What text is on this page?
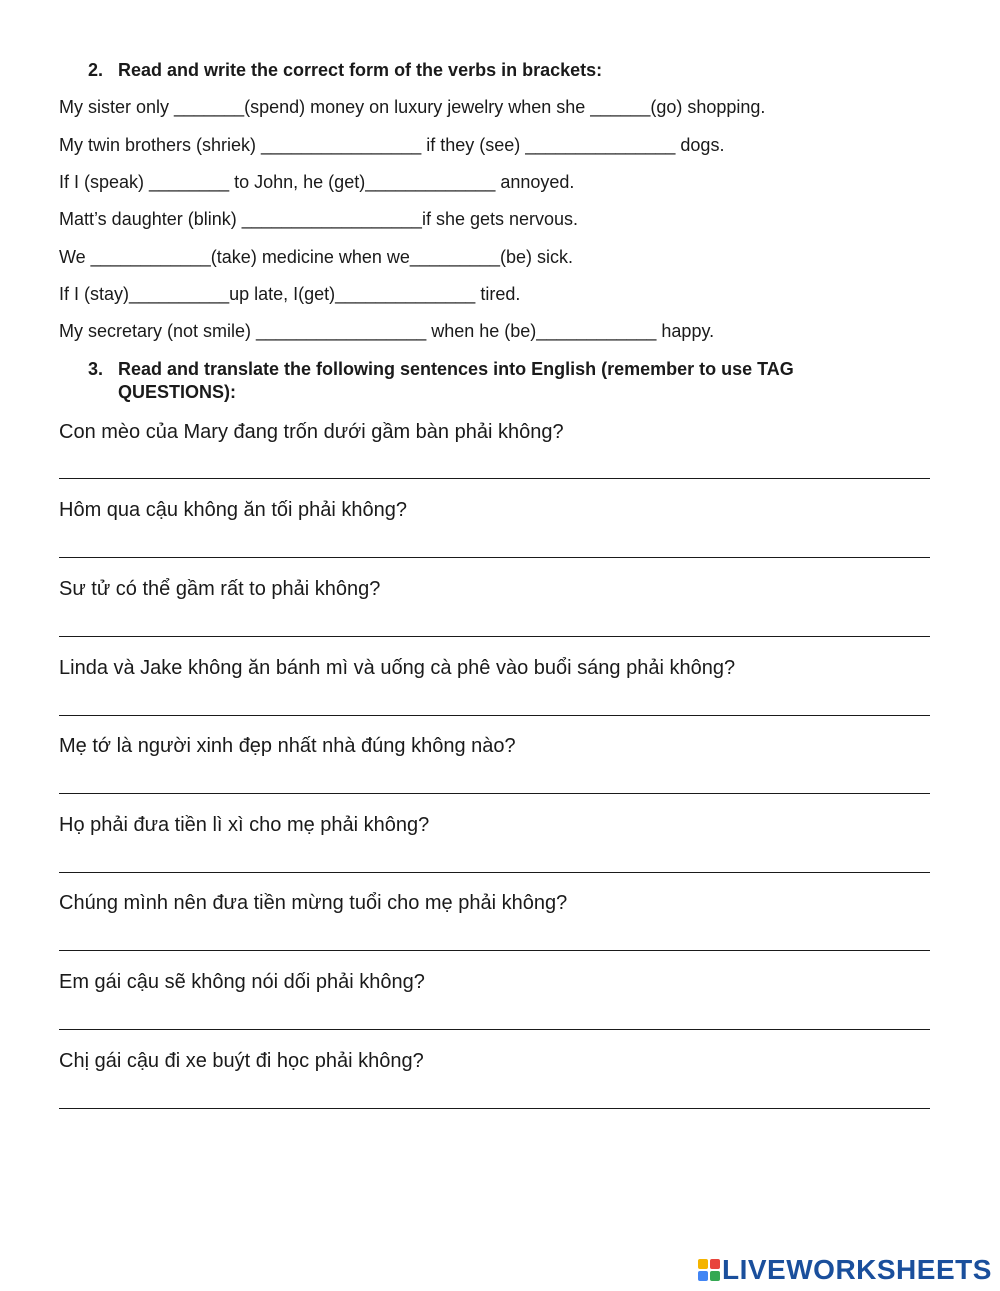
2. Read and write the correct form of the verbs in brackets:
My sister only _______(spend) money on luxury jewelry when she ______(go) shopping.
My twin brothers (shriek) ________________ if they (see) _______________ dogs.
If I (speak) ________ to John, he (get)_____________ annoyed.
Matt’s daughter (blink) __________________if she gets nervous.
We ____________(take) medicine when we_________(be) sick.
If I (stay)__________up late, I(get)______________ tired.
My secretary (not smile) _________________ when he (be)____________ happy.
3. Read and translate the following sentences into English (remember to use TAG
QUESTIONS):
Con mèo của Mary đang trốn dưới gầm bàn phải không?
Hôm qua cậu không ăn tối phải không?
Sư tử có thể gầm rất to phải không?
Linda và Jake không ăn bánh mì và uống cà phê vào buổi sáng phải không?
Mẹ tớ là người xinh đẹp nhất nhà đúng không nào?
Họ phải đưa tiền lì xì cho mẹ phải không?
Chúng mình nên đưa tiền mừng tuổi cho mẹ phải không?
Em gái cậu sẽ không nói dối phải không?
Chị gái cậu đi xe buýt đi học phải không?
LIVEWORKSHEETS
